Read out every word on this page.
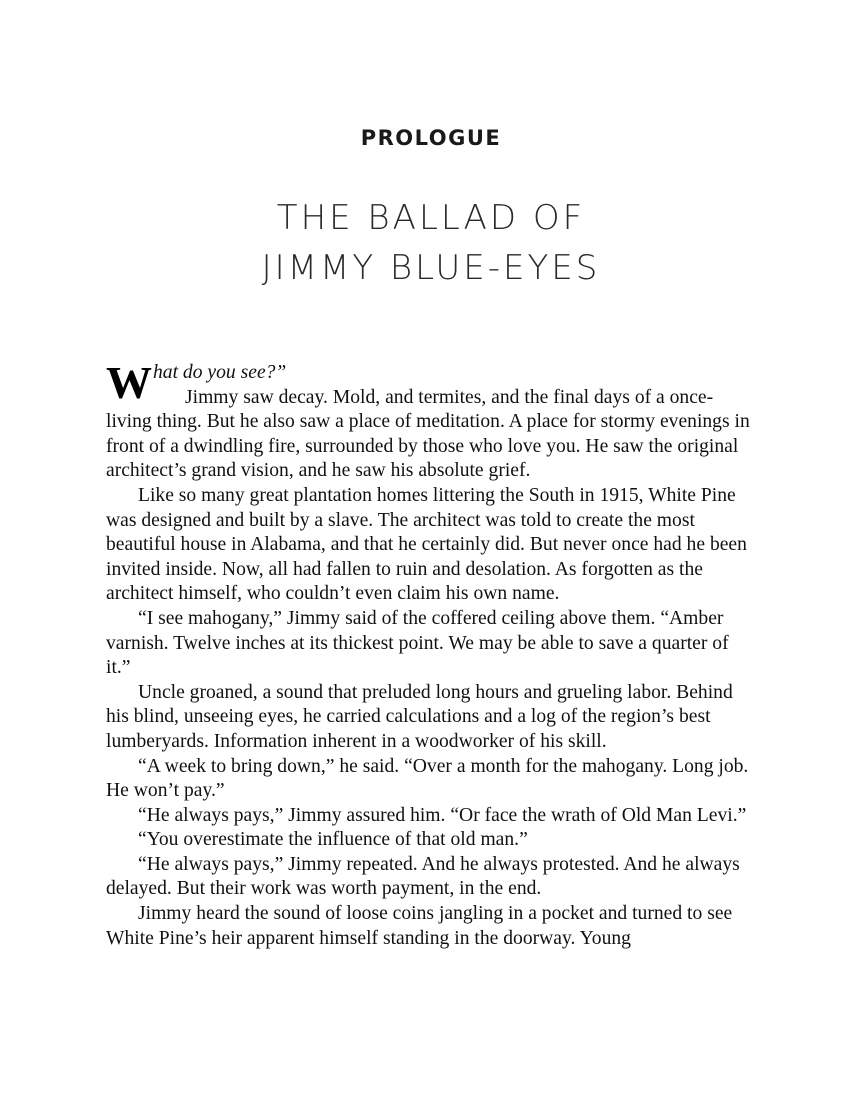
PROLOGUE
THE BALLAD OF
JIMMY BLUE-EYES

What do you see?”

Jimmy saw decay. Mold, and termites, and the final days of a once-living thing. But he also saw a place of meditation. A place for stormy evenings in front of a dwindling fire, surrounded by those who love you. He saw the original architect’s grand vision, and he saw his absolute grief.

Like so many great plantation homes littering the South in 1915, White Pine was designed and built by a slave. The architect was told to create the most beautiful house in Alabama, and that he certainly did. But never once had he been invited inside. Now, all had fallen to ruin and desolation. As forgotten as the architect himself, who couldn’t even claim his own name.

“I see mahogany,” Jimmy said of the coffered ceiling above them. “Amber varnish. Twelve inches at its thickest point. We may be able to save a quarter of it.”

Uncle groaned, a sound that preluded long hours and grueling labor. Behind his blind, unseeing eyes, he carried calculations and a log of the region’s best lumberyards. Information inherent in a woodworker of his skill.

“A week to bring down,” he said. “Over a month for the mahogany. Long job. He won’t pay.”

“He always pays,” Jimmy assured him. “Or face the wrath of Old Man Levi.”

“You overestimate the influence of that old man.”

“He always pays,” Jimmy repeated. And he always protested. And he always delayed. But their work was worth payment, in the end.

Jimmy heard the sound of loose coins jangling in a pocket and turned to see White Pine’s heir apparent himself standing in the doorway. Young
